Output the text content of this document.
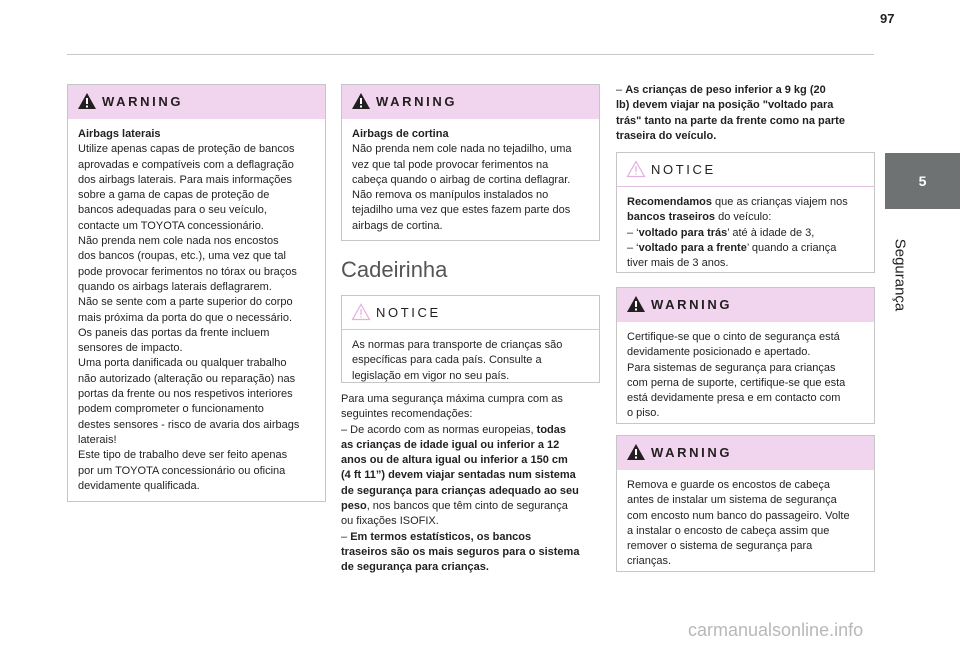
97
5
Segurança
WARNING

Airbags laterais

Utilize apenas capas de proteção de bancos

aprovadas e compatíveis com a deflagração

dos airbags laterais. Para mais informações

sobre a gama de capas de proteção de

bancos adequadas para o seu veículo,

contacte um TOYOTA concessionário.

Não prenda nem cole nada nos encostos

dos bancos (roupas, etc.), uma vez que tal

pode provocar ferimentos no tórax ou braços

quando os airbags laterais deflagrarem.

Não se sente com a parte superior do corpo

mais próxima da porta do que o necessário.

Os paneis das portas da frente incluem

sensores de impacto.

Uma porta danificada ou qualquer trabalho

não autorizado (alteração ou reparação) nas

portas da frente ou nos respetivos interiores

podem comprometer o funcionamento

destes sensores - risco de avaria dos airbags

laterais!

Este tipo de trabalho deve ser feito apenas

por um TOYOTA concessionário ou oficina

devidamente qualificada.

WARNING

Airbags de cortina

Não prenda nem cole nada no tejadilho, uma

vez que tal pode provocar ferimentos na

cabeça quando o airbag de cortina deflagrar.

Não remova os manípulos instalados no

tejadilho uma vez que estes fazem parte dos

airbags de cortina.

Cadeirinha
NOTICE

As normas para transporte de crianças são

específicas para cada país. Consulte a

legislação em vigor no seu país.

Para uma segurança máxima cumpra com as

seguintes recomendações:

– De acordo com as normas europeias, todas

as crianças de idade igual ou inferior a 12

anos ou de altura igual ou inferior a 150 cm

(4 ft 11”) devem viajar sentadas num sistema

de segurança para crianças adequado ao seu

peso, nos bancos que têm cinto de segurança

ou fixações ISOFIX.

– Em termos estatísticos, os bancos

traseiros são os mais seguros para o sistema

de segurança para crianças.

– As crianças de peso inferior a 9 kg (20

lb) devem viajar na posição "voltado para

trás" tanto na parte da frente como na parte

traseira do veículo.

NOTICE

Recomendamos que as crianças viajem nos

bancos traseiros do veículo:

– ‘voltado para trás’ até à idade de 3,

– ‘voltado para a frente’ quando a criança

tiver mais de 3 anos.

WARNING

Certifique-se que o cinto de segurança está

devidamente posicionado e apertado.

Para sistemas de segurança para crianças

com perna de suporte, certifique-se que esta

está devidamente presa e em contacto com

o piso.

WARNING

Remova e guarde os encostos de cabeça

antes de instalar um sistema de segurança

com encosto num banco do passageiro. Volte

a instalar o encosto de cabeça assim que

remover o sistema de segurança para

crianças.

carmanualsonline.info
